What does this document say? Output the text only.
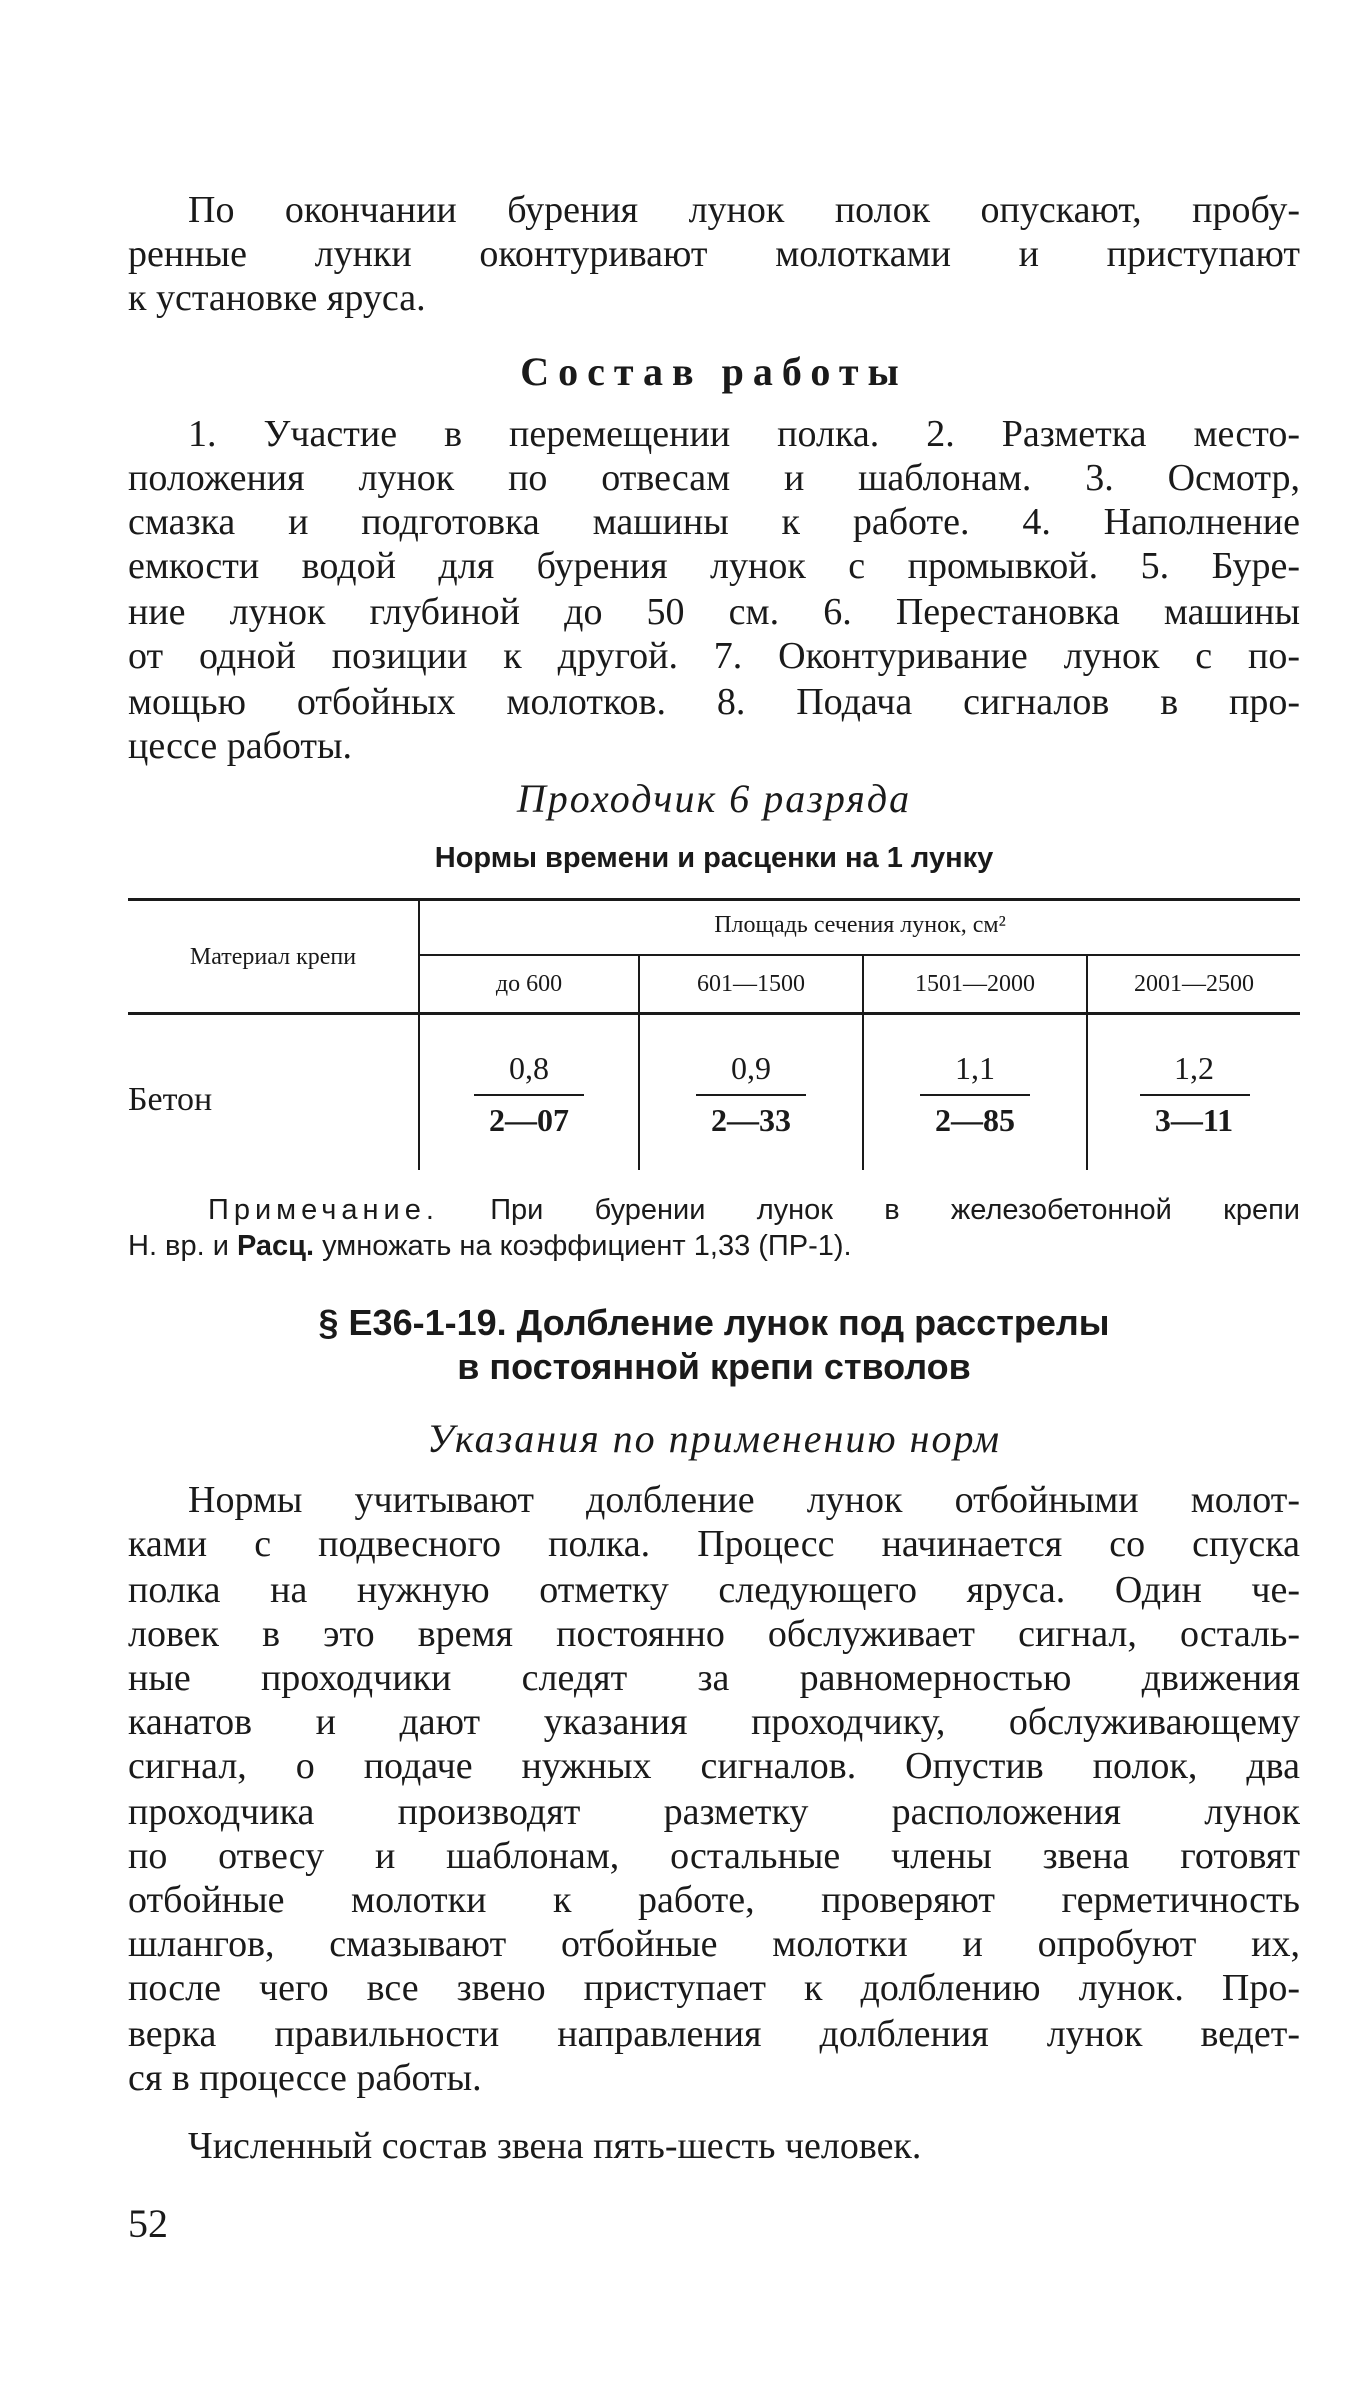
По окончании бурения лунок полок опускают, пробу-
ренные лунки оконтуривают молотками и приступают
к установке яруса.
Состав работы
1. Участие в перемещении полка. 2. Разметка место-
положения лунок по отвесам и шаблонам. 3. Осмотр,
смазка и подготовка машины к работе. 4. Наполнение
емкости водой для бурения лунок с промывкой. 5. Буре-
ние лунок глубиной до 50 см. 6. Перестановка машины
от одной позиции к другой. 7. Оконтуривание лунок с по-
мощью отбойных молотков. 8. Подача сигналов в про-
цессе работы.
Проходчик 6 разряда
Нормы времени и расценки на 1 лунку
Материал крепи
Площадь сечения лунок, см²
до 600	601—1500	1501—2000	2001—2500
Бетон
0,8	0,9	1,1	1,2
2—07	2—33	2—85	3—11
Примечание. При бурении лунок в железобетонной крепи
Н. вр. и Расц. умножать на коэффициент 1,33 (ПР-1).
§ Е36-1-19. Долбление лунок под расстрелы
в постоянной крепи стволов
Указания по применению норм
Нормы учитывают долбление лунок отбойными молот-
ками с подвесного полка. Процесс начинается со спуска
полка на нужную отметку следующего яруса. Один че-
ловек в это время постоянно обслуживает сигнал, осталь-
ные проходчики следят за равномерностью движения
канатов и дают указания проходчику, обслуживающему
сигнал, о подаче нужных сигналов. Опустив полок, два
проходчика производят разметку расположения лунок
по отвесу и шаблонам, остальные члены звена готовят
отбойные молотки к работе, проверяют герметичность
шлангов, смазывают отбойные молотки и опробуют их,
после чего все звено приступает к долблению лунок. Про-
верка правильности направления долбления лунок ведет-
ся в процессе работы.
Численный состав звена пять-шесть человек.
52
